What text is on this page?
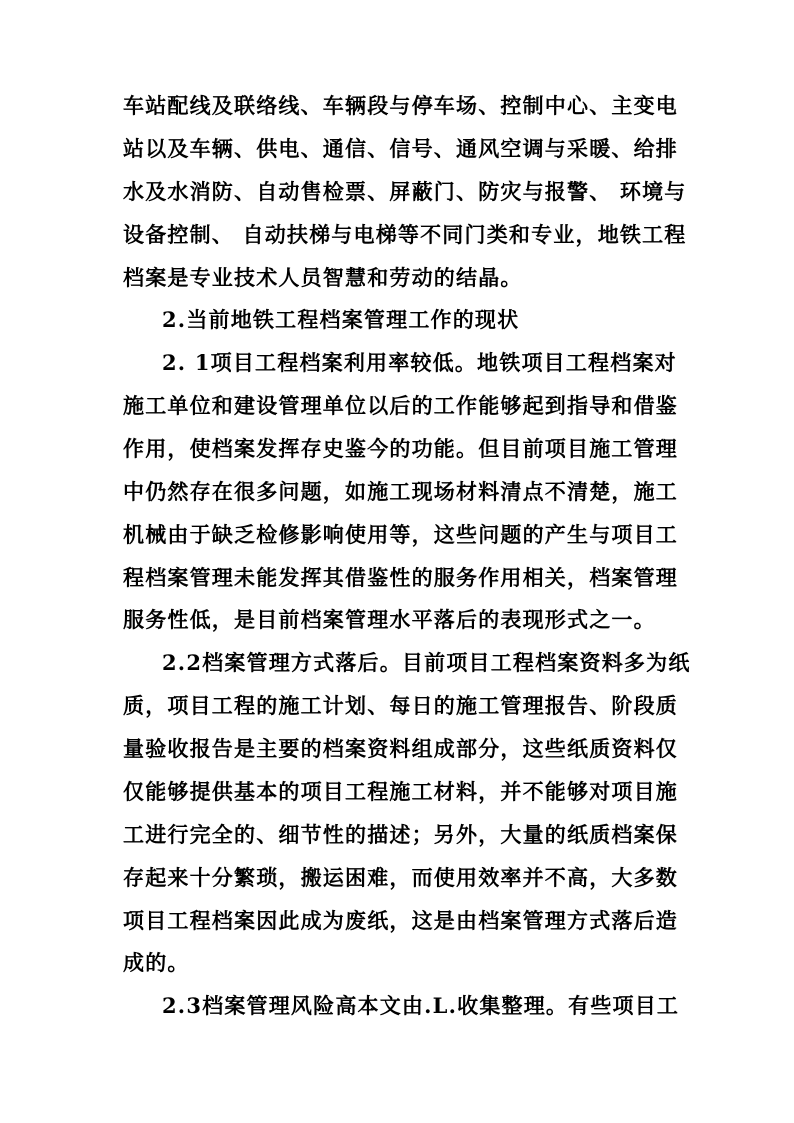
车站配线及联络线、车辆段与停车场、控制中心、主变电
站以及车辆、供电、通信、信号、通风空调与采暖、给排
水及水消防、自动售检票、屏蔽门、防灾与报警、 环境与
设备控制、 自动扶梯与电梯等不同门类和专业，地铁工程
档案是专业技术人员智慧和劳动的结晶。
2.当前地铁工程档案管理工作的现状
2. 1项目工程档案利用率较低。地铁项目工程档案对
施工单位和建设管理单位以后的工作能够起到指导和借鉴
作用，使档案发挥存史鉴今的功能。但目前项目施工管理
中仍然存在很多问题，如施工现场材料清点不清楚，施工
机械由于缺乏检修影响使用等，这些问题的产生与项目工
程档案管理未能发挥其借鉴性的服务作用相关，档案管理
服务性低，是目前档案管理水平落后的表现形式之一。
2.2档案管理方式落后。目前项目工程档案资料多为纸
质，项目工程的施工计划、每日的施工管理报告、阶段质
量验收报告是主要的档案资料组成部分，这些纸质资料仅
仅能够提供基本的项目工程施工材料，并不能够对项目施
工进行完全的、细节性的描述；另外，大量的纸质档案保
存起来十分繁琐，搬运困难，而使用效率并不高，大多数
项目工程档案因此成为废纸，这是由档案管理方式落后造
成的。
2.3档案管理风险高本文由.L.收集整理。有些项目工
